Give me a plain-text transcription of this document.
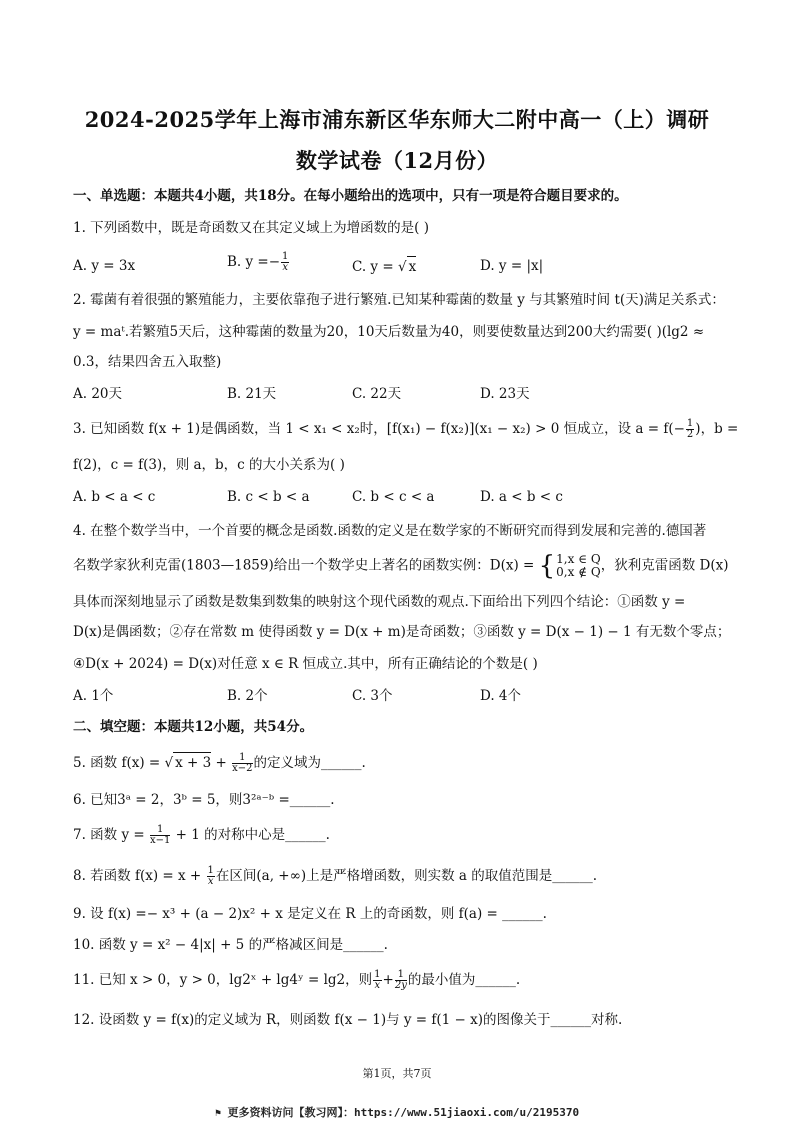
2024-2025学年上海市浦东新区华东师大二附中高一（上）调研
数学试卷（12月份）
一、单选题：本题共4小题，共18分。在每小题给出的选项中，只有一项是符合题目要求的。
1. 下列函数中，既是奇函数又在其定义域上为增函数的是( )
A. y = 3x	B. $y =- \frac{1}{x}$	C. y = √ x	D. y = |x|
2. 霉菌有着很强的繁殖能力，主要依靠孢子进行繁殖.已知某种霉菌的数量 y 与其繁殖时间 t(天)满足关系式：
y = maᵗ.若繁殖5天后，这种霉菌的数量为20，10天后数量为40，则要使数量达到200大约需要( )(lg2 ≈
0.3，结果四舍五入取整)
A. 20天	B. 21天	C. 22天	D. 23天
3. 已知函数 f(x + 1)是偶函数，当 1 < x₁ < x₂时，[f(x₁) − f(x₂)](x₁ − x₂) > 0 恒成立，设 $a = f(- \frac{1}{2}$ )，b =
f(2)，c = f(3)，则 a，b，c 的大小关系为( )
A. b < a < c	B. c < b < a	C. b < c < a	D. a < b < c
4. 在整个数学当中，一个首要的概念是函数.函数的定义是在数学家的不断研究而得到发展和完善的.德国著
名数学家狄利克雷(1803—1859)给出一个数学史上著名的函数实例：D(x) = { 1,x ∈ Q
0,x ∉ Q ，狄利克雷函数 D(x)
具体而深刻地显示了函数是数集到数集的映射这个现代函数的观点.下面给出下列四个结论：①函数 y =
D(x)是偶函数；②存在常数 m 使得函数 y = D(x + m)是奇函数；③函数 y = D(x − 1) − 1 有无数个零点；
④D(x + 2024) = D(x)对任意 x ∈ R 恒成立.其中，所有正确结论的个数是( )
A. 1个	B. 2个	C. 3个	D. 4个
二、填空题：本题共12小题，共54分。
5. 函数 f(x) = √ $x + 3 + \frac{1}{x-2}$ 的定义域为______.
6. 已知3ᵃ = 2，3ᵇ = 5，则3²ᵃ⁻ᵇ =______.
7. 函数 $y = \frac{1}{x-1} + 1$ 的对称中心是______.
8. 若函数 $f(x) = x + \frac{1}{x}$ 在区间(a, +∞)上是严格增函数，则实数 a 的取值范围是______.
9. 设 f(x) =− x³ + (a − 2)x² + x 是定义在 R 上的奇函数，则 f(a) = ______.
10. 函数 y = x² − 4|x| + 5 的严格减区间是______.
11. 已知 x > 0，y > 0，lg2ˣ + lg4ʸ = lg2，则 $\frac{1}{x} + \frac{1}{2y}$ 的最小值为______.
12. 设函数 y = f(x)的定义域为 R，则函数 f(x − 1)与 y = f(1 − x)的图像关于______对称.
第1页，共7页
⚑ 更多资料访问【教习网】：https://www.51jiaoxi.com/u/2195370
